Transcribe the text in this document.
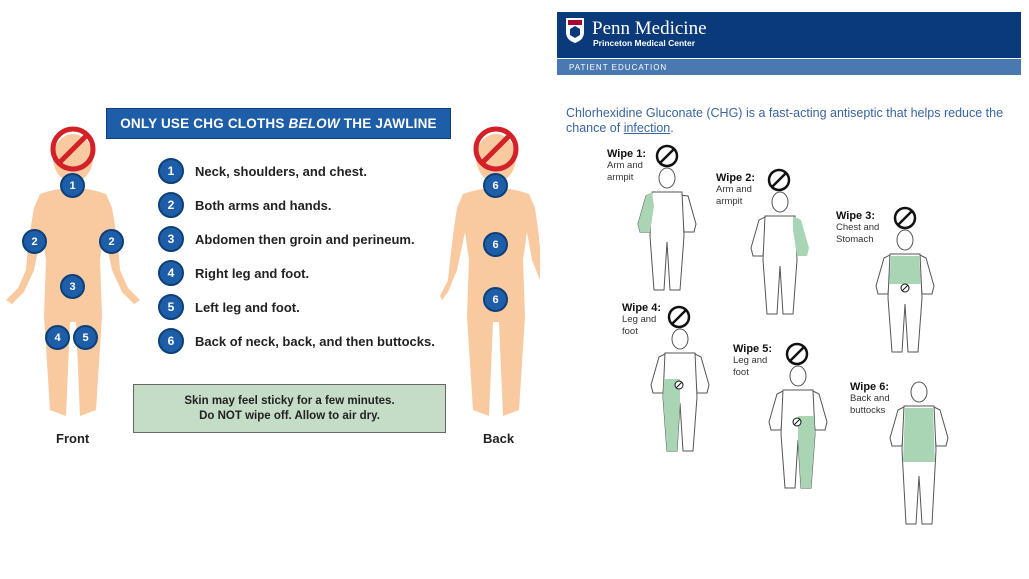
ONLY USE CHG CLOTHS BELOW THE JAWLINE
1	Neck, shoulders, and chest.
2	Both arms and hands.
3	Abdomen then groin and perineum.
4	Right leg and foot.
5	Left leg and foot.
6	Back of neck, back, and then buttocks.
Skin may feel sticky for a few minutes.
Do NOT wipe off. Allow to air dry.
1
2	2
3
4	5
Front
6
6
6
Back
Penn Medicine
Princeton Medical Center
PATIENT EDUCATION
Chlorhexidine Gluconate (CHG) is a fast-acting antiseptic that helps reduce the chance of infection.
Wipe 1:
Arm and
armpit	Wipe 2:
Arm and
armpit
Wipe 3:
Chest and
Stomach
Wipe 4:
Leg and
foot
Wipe 5:
Leg and
foot
Wipe 6:
Back and
buttocks
